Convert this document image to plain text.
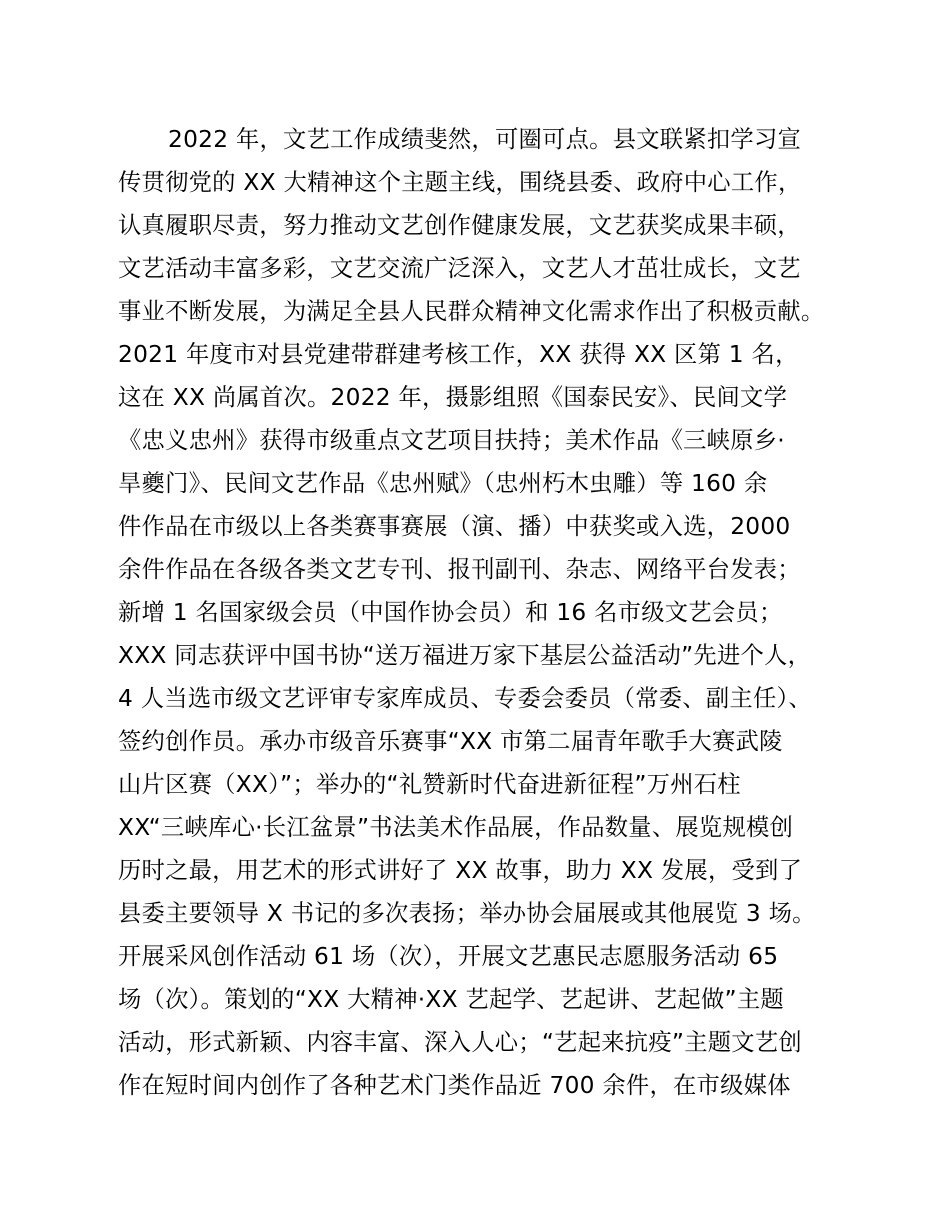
2022 年，文艺工作成绩斐然，可圈可点。县文联紧扣学习宣
传贯彻党的 XX 大精神这个主题主线，围绕县委、政府中心工作，
认真履职尽责，努力推动文艺创作健康发展，文艺获奖成果丰硕，
文艺活动丰富多彩，文艺交流广泛深入，文艺人才茁壮成长，文艺
事业不断发展，为满足全县人民群众精神文化需求作出了积极贡献。
2021 年度市对县党建带群建考核工作，XX 获得 XX 区第 1 名，
这在 XX 尚属首次。2022 年，摄影组照《国泰民安》、民间文学
《忠义忠州》获得市级重点文艺项目扶持；美术作品《三峡原乡·
旱夔门》、民间文艺作品《忠州赋》（忠州朽木虫雕）等 160 余
件作品在市级以上各类赛事赛展（演、播）中获奖或入选，2000
余件作品在各级各类文艺专刊、报刊副刊、杂志、网络平台发表；
新增 1 名国家级会员（中国作协会员）和 16 名市级文艺会员；
XXX 同志获评中国书协“送万福进万家下基层公益活动”先进个人，
4 人当选市级文艺评审专家库成员、专委会委员（常委、副主任）、
签约创作员。承办市级音乐赛事“XX 市第二届青年歌手大赛武陵
山片区赛（XX）”；举办的“礼赞新时代奋进新征程”万州石柱
XX“三峡库心·长江盆景”书法美术作品展，作品数量、展览规模创
历时之最，用艺术的形式讲好了 XX 故事，助力 XX 发展，受到了
县委主要领导 X 书记的多次表扬；举办协会届展或其他展览 3 场。
开展采风创作活动 61 场（次），开展文艺惠民志愿服务活动 65
场（次）。策划的“XX 大精神·XX 艺起学、艺起讲、艺起做”主题
活动，形式新颖、内容丰富、深入人心；“艺起来抗疫”主题文艺创
作在短时间内创作了各种艺术门类作品近 700 余件，在市级媒体
